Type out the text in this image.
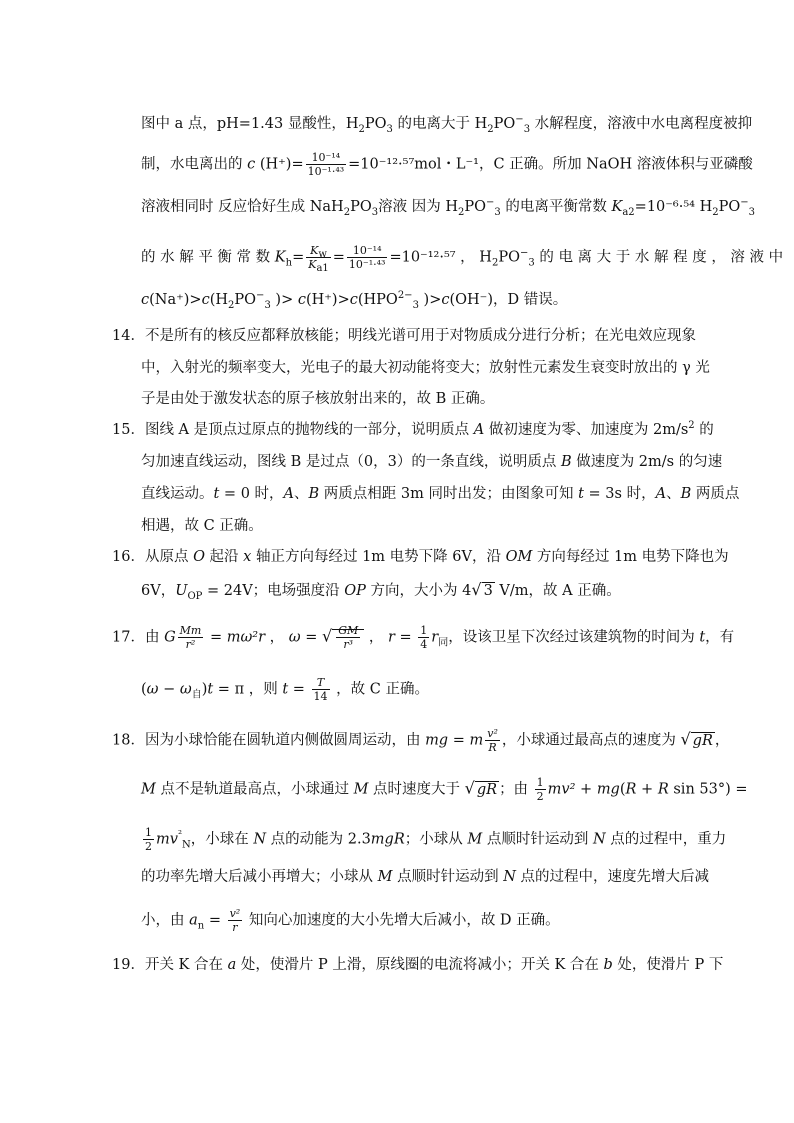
图中 a 点，pH=1.43 显酸性，$H_2PO_3$ 的电离大于 $H_2PO^-_3$ 水解程度，溶液中水电离程度被抑
制，水电离出的 c $(H^+)= \frac{\text{10⁻¹⁴}}{\text{10⁻¹·⁴³}} =10^{-12}\cdot^{57}mol$・L⁻¹，C 正确。所加 NaOH 溶液体积与亚磷酸
溶液相同时 反应恰好生成 $NaH_2PO_3$溶液 因为 $H_2PO^-_3$ 的电离平衡常数 $K_{a2}=10^{-6}\cdot^{54}$ $H_2PO^-_3$
的 水 解 平 衡 常 数 $K_h= \frac{K_w}{K_{a1}} = \frac{\text{10⁻¹⁴}}{\text{10⁻¹·⁴³}} =10^{-12}\cdot^{57}$ ， $H_2PO^-_3$ 的 电 离 大 于 水 解 程 度 ， 溶 液 中
$c(Na^+)>c(H_2PO^-_3$ )> $c(H^+)>c(HPO^{2-}_3$ )>c(OH⁻)，D 错误。
14．不是所有的核反应都释放核能；明线光谱可用于对物质成分进行分析；在光电效应现象
中，入射光的频率变大，光电子的最大初动能将变大；放射性元素发生衰变时放出的 γ 光
子是由处于激发状态的原子核放射出来的，故 B 正确。
15．图线 A 是顶点过原点的抛物线的一部分，说明质点 A 做初速度为零、加速度为 $2m/s^2$ 的
匀加速直线运动，图线 B 是过点（0，3）的一条直线，说明质点 B 做速度为 2m/s 的匀速
直线运动。t = 0 时，A、B 两质点相距 3m 同时出发；由图象可知 t = 3s 时，A、B 两质点
相遇，故 C 正确。
16．从原点 O 起沿 x 轴正方向每经过 1m 电势下降 6V，沿 OM 方向每经过 1m 电势下降也为
6V，$U_{OP} = 24V$；电场强度沿 OP 方向，大小为 4√ 3 V/m，故 A 正确。
17．由 G $\frac{Mm}{\text{r²}} = m\omega^2r$ ， ω = √ $\frac{GM}{\text{r³}}$ ， $r = \frac{1}{4} r_同$，设该卫星下次经过该建筑物的时间为 t，有
$(\omega - \omega_自)t = \pi$ ，则 $t = \frac{T}{14}$ ，故 C 正确。
18．因为小球恰能在圆轨道内侧做圆周运动，由 mg = m $\frac{\text{v²}}{R}$ ，小球通过最高点的速度为 √ gR ，
M 点不是轨道最高点，小球通过 M 点时速度大于 √ gR ；由 $\frac{1}{2} mv^2 + mg(R + R$ sin 53°) =
$\frac{1}{2} mv^{^2}_N$，小球在 N 点的动能为 2.3mgR；小球从 M 点顺时针运动到 N 点的过程中，重力
的功率先增大后减小再增大；小球从 M 点顺时针运动到 N 点的过程中，速度先增大后减
小，由 $a_n = \frac{\text{v²}}{r}$ 知向心加速度的大小先增大后减小，故 D 正确。
19．开关 K 合在 a 处，使滑片 P 上滑，原线圈的电流将减小；开关 K 合在 b 处，使滑片 P 下
